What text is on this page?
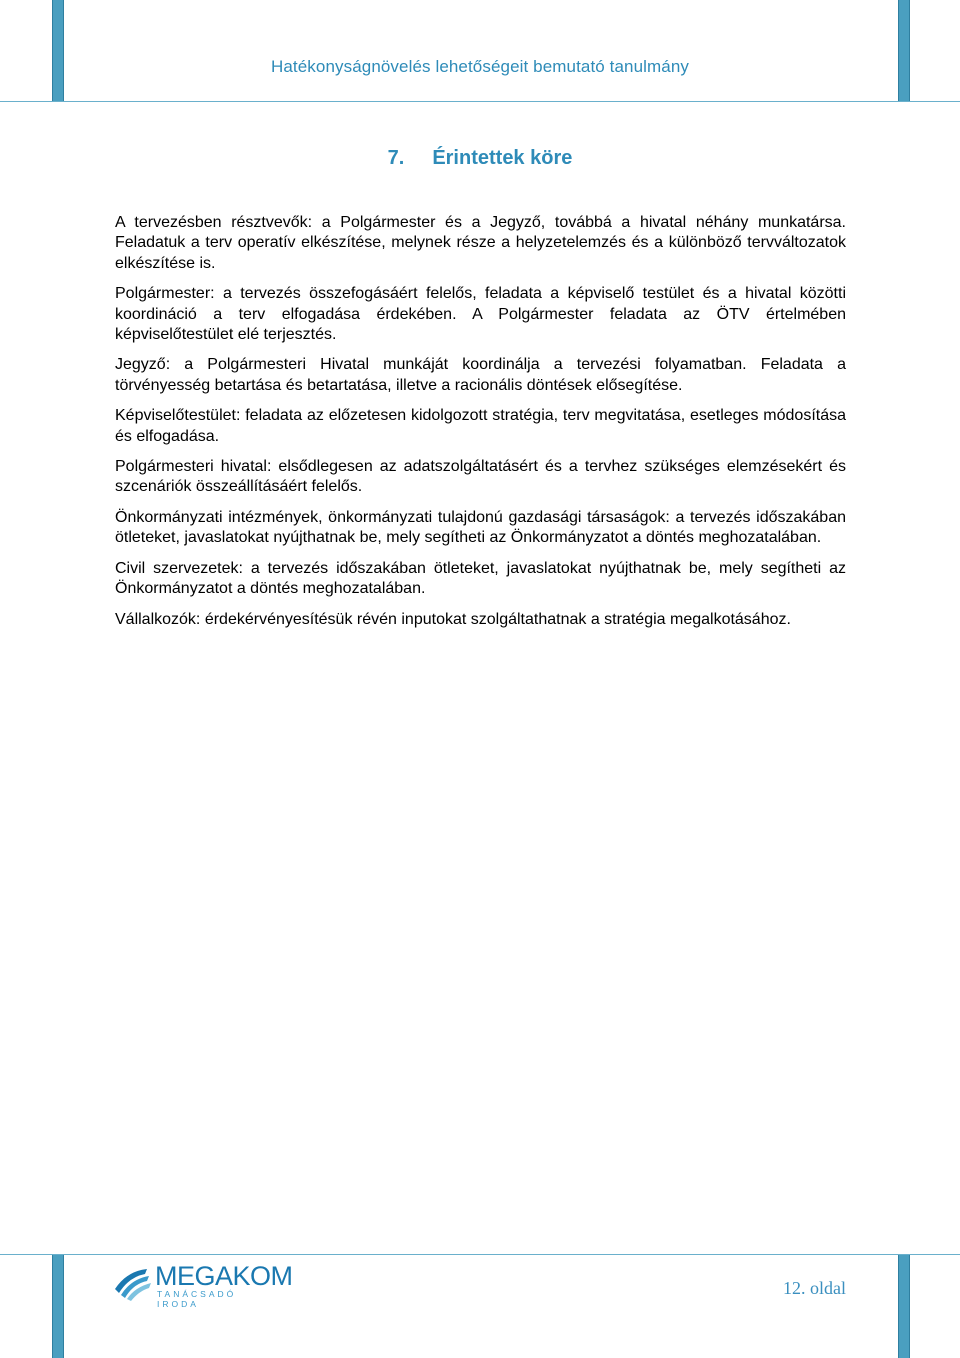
Hatékonyságnövelés lehetőségeit bemutató tanulmány
7. Érintettek köre

A tervezésben résztvevők: a Polgármester és a Jegyző, továbbá a hivatal néhány munkatársa. Feladatuk a terv operatív elkészítése, melynek része a helyzetelemzés és a különböző tervváltozatok elkészítése is.

Polgármester: a tervezés összefogásáért felelős, feladata a képviselő testület és a hivatal közötti koordináció a terv elfogadása érdekében. A Polgármester feladata az ÖTV értelmében képviselőtestület elé terjesztés.

Jegyző: a Polgármesteri Hivatal munkáját koordinálja a tervezési folyamatban. Feladata a törvényesség betartása és betartatása, illetve a racionális döntések elősegítése.

Képviselőtestület: feladata az előzetesen kidolgozott stratégia, terv megvitatása, esetleges módosítása és elfogadása.

Polgármesteri hivatal: elsődlegesen az adatszolgáltatásért és a tervhez szükséges elemzésekért és szcenáriók összeállításáért felelős.

Önkormányzati intézmények, önkormányzati tulajdonú gazdasági társaságok: a tervezés időszakában ötleteket, javaslatokat nyújthatnak be, mely segítheti az Önkormányzatot a döntés meghozatalában.

Civil szervezetek: a tervezés időszakában ötleteket, javaslatokat nyújthatnak be, mely segítheti az Önkormányzatot a döntés meghozatalában.

Vállalkozók: érdekérvényesítésük révén inputokat szolgáltathatnak a stratégia megalkotásához.

MEGAKOM
TANÁCSADÓ IRODA
12. oldal
